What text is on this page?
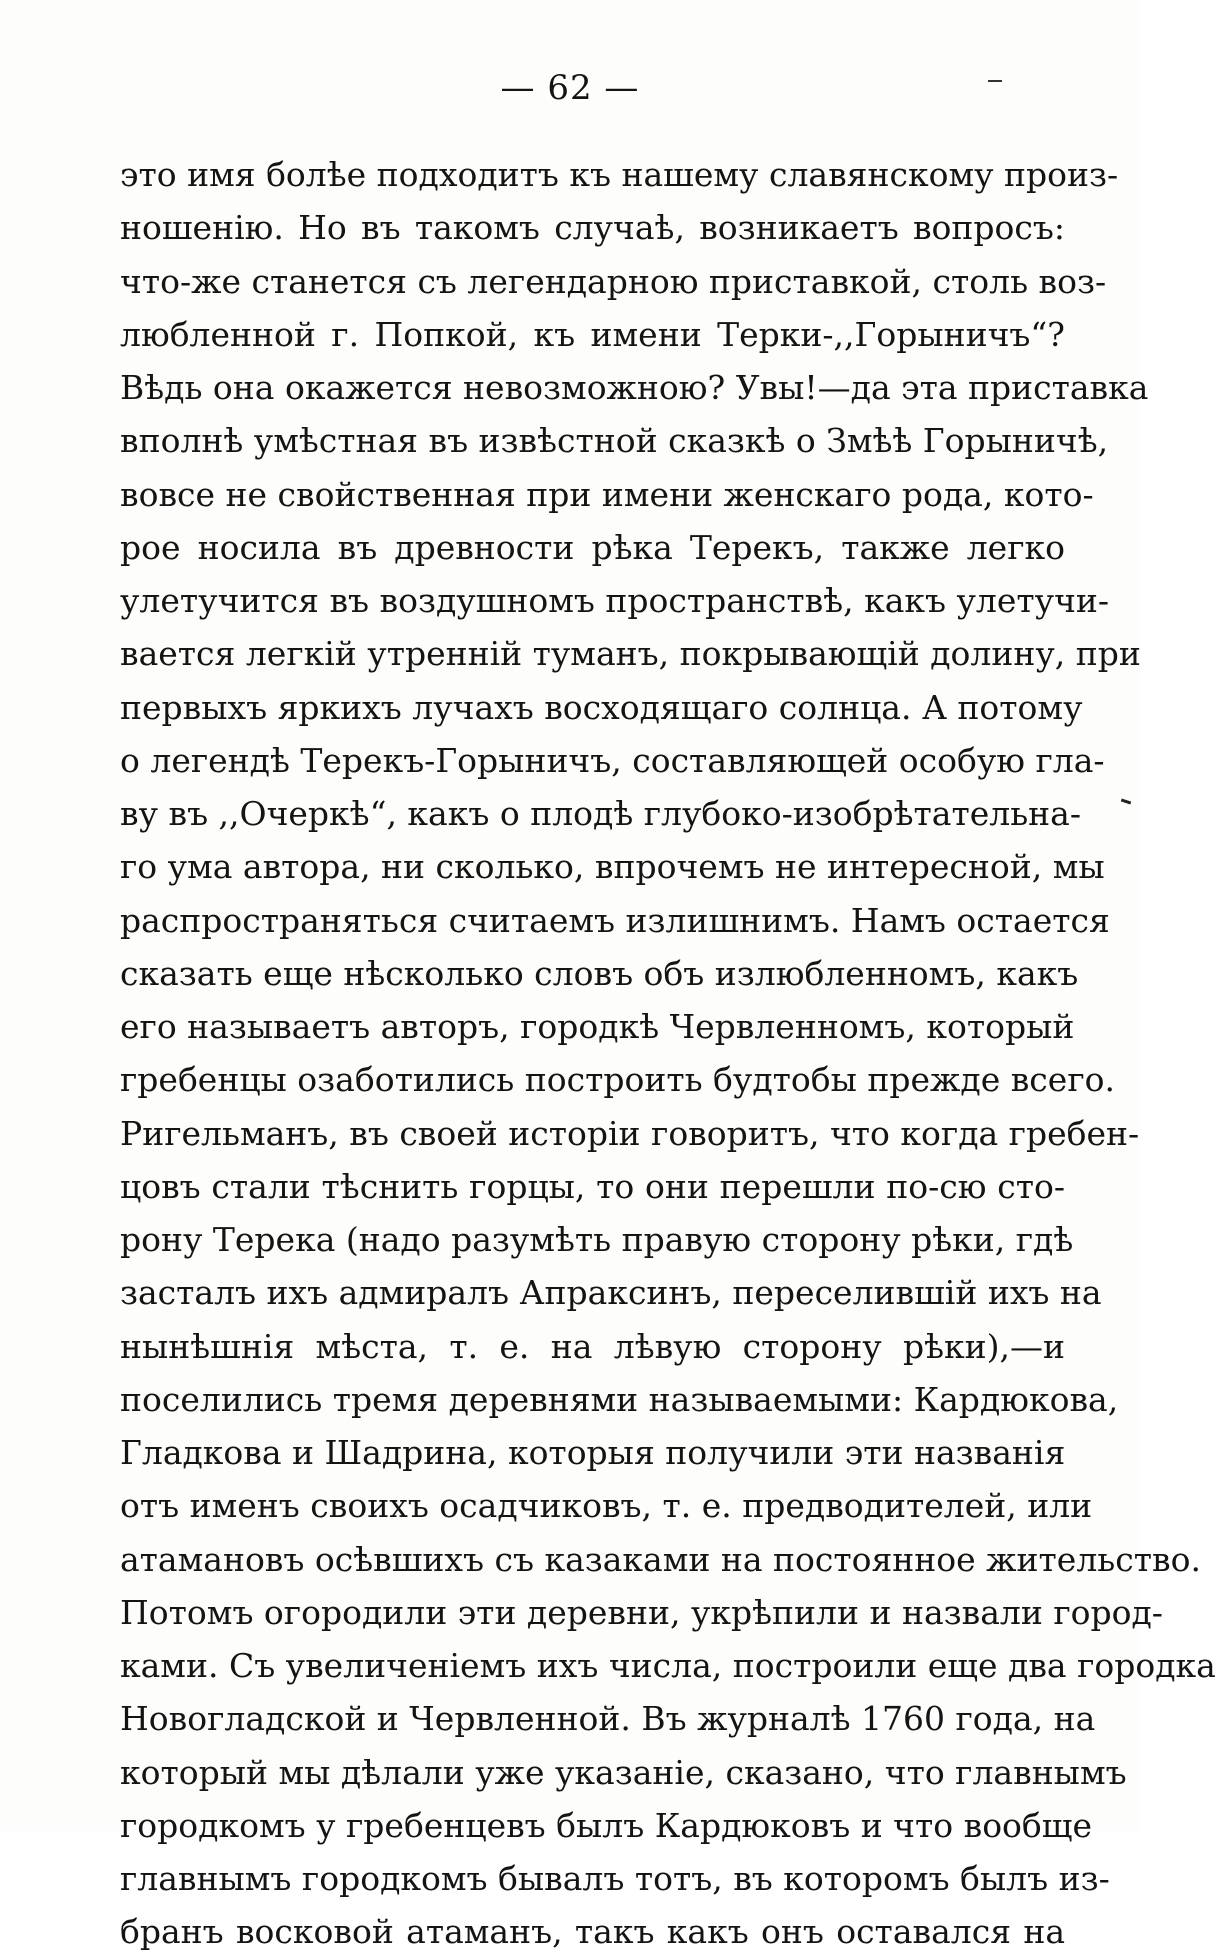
— 62 —
это имя болѣе подходитъ къ нашему славянскому произ-
ношенію. Но въ такомъ случаѣ, возникаетъ вопросъ:
что-же станется съ легендарною приставкой, столь воз-
любленной г. Попкой, къ имени Терки-,,Горыничъ“?
Вѣдь она окажется невозможною? Увы!—да эта приставка
вполнѣ умѣстная въ извѣстной сказкѣ о Змѣѣ Горыничѣ,
вовсе не свойственная при имени женскаго рода, кото-
рое носила въ древности рѣка Терекъ, также легко
улетучится въ воздушномъ пространствѣ, какъ улетучи-
вается легкій утренній туманъ, покрывающій долину, при
первыхъ яркихъ лучахъ восходящаго солнца. А потому
о легендѣ Терекъ-Горыничъ, составляющей особую гла-
ву въ ,,Очеркѣ“, какъ о плодѣ глубоко-изобрѣтательна-
го ума автора, ни сколько, впрочемъ не интересной, мы
распространяться считаемъ излишнимъ. Намъ остается
сказать еще нѣсколько словъ объ излюбленномъ, какъ
его называетъ авторъ, городкѣ Червленномъ, который
гребенцы озаботились построить будтобы прежде всего.
Ригельманъ, въ своей исторіи говоритъ, что когда гребен-
цовъ стали тѣснить горцы, то они перешли по-сю сто-
рону Терека (надо разумѣть правую сторону рѣки, гдѣ
засталъ ихъ адмиралъ Апраксинъ, переселившій ихъ на
нынѣшнія мѣста, т. е. на лѣвую сторону рѣки),—и
поселились тремя деревнями называемыми: Кардюкова,
Гладкова и Шадрина, которыя получили эти названія
отъ именъ своихъ осадчиковъ, т. е. предводителей, или
атамановъ осѣвшихъ съ казаками на постоянное жительство.
Потомъ огородили эти деревни, укрѣпили и назвали город-
ками. Съ увеличеніемъ ихъ числа, построили еще два городка
Новогладской и Червленной. Въ журналѣ 1760 года, на
который мы дѣлали уже указаніе, сказано, что главнымъ
городкомъ у гребенцевъ былъ Кардюковъ и что вообще
главнымъ городкомъ бывалъ тотъ, въ которомъ былъ из-
бранъ восковой атаманъ, такъ какъ онъ оставался на
